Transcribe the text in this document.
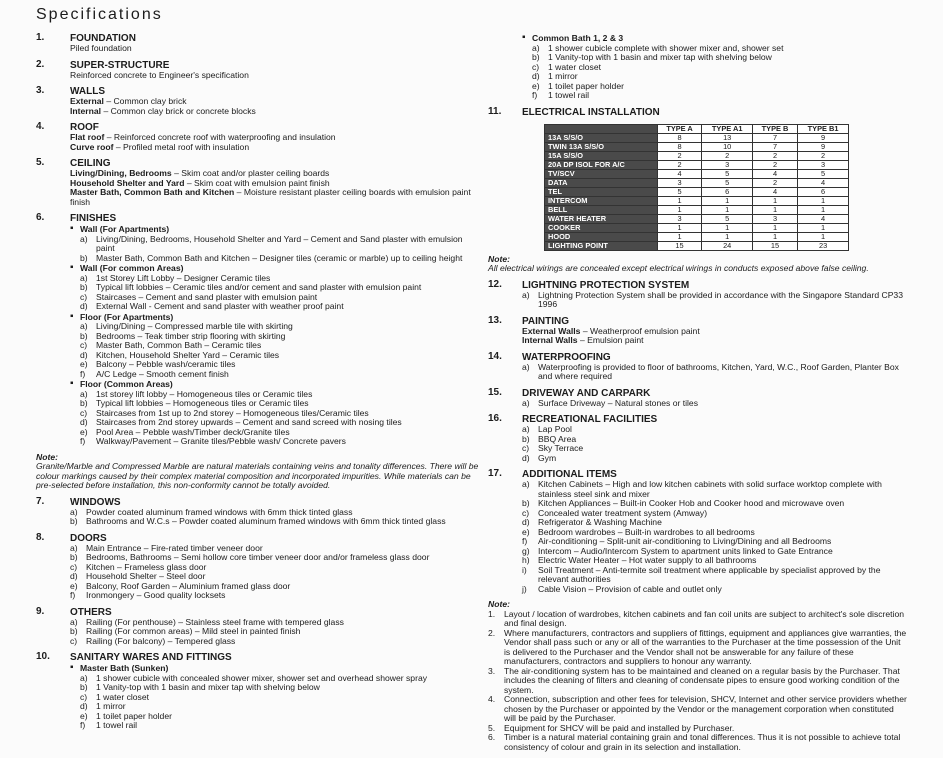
Specifications
1.	FOUNDATION
Piled foundation
2.	SUPER-STRUCTURE
Reinforced concrete to Engineer's specification
3.	WALLS
External – Common clay brick
Internal – Common clay brick or concrete blocks
4.	ROOF
Flat roof – Reinforced concrete roof with waterproofing and insulation
Curve roof – Profiled metal roof with insulation
5.	CEILING
Living/Dining, Bedrooms – Skim coat and/or plaster ceiling boards
Household Shelter and Yard – Skim coat with emulsion paint finish
Master Bath, Common Bath and Kitchen – Moisture resistant plaster ceiling boards with emulsion paint finish
6.	FINISHES
▪ Wall (For Apartments)
a) Living/Dining, Bedrooms, Household Shelter and Yard – Cement and Sand plaster with emulsion paint
b) Master Bath, Common Bath and Kitchen – Designer tiles (ceramic or marble) up to ceiling height
▪ Wall (For common Areas)
a) 1st Storey Lift Lobby – Designer Ceramic tiles
b) Typical lift lobbies – Ceramic tiles and/or cement and sand plaster with emulsion paint
c) Staircases – Cement and sand plaster with emulsion paint
d) External Wall - Cement and sand plaster with weather proof paint
▪ Floor (For Apartments)
a) Living/Dining – Compressed marble tile with skirting
b) Bedrooms – Teak timber strip flooring with skirting
c) Master Bath, Common Bath – Ceramic tiles
d) Kitchen, Household Shelter Yard – Ceramic tiles
e) Balcony – Pebble wash/ceramic tiles
f) A/C Ledge – Smooth cement finish
▪ Floor (Common Areas)
a) 1st storey lift lobby – Homogeneous tiles or Ceramic tiles
b) Typical lift lobbies – Homogeneous tiles or Ceramic tiles
c) Staircases from 1st up to 2nd storey – Homogeneous tiles/Ceramic tiles
d) Staircases from 2nd storey upwards – Cement and sand screed with nosing tiles
e) Pool Area – Pebble wash/Timber deck/Granite tiles
f) Walkway/Pavement – Granite tiles/Pebble wash/ Concrete pavers
Note:
Granite/Marble and Compressed Marble are natural materials containing veins and tonality differences. There will be colour markings caused by their complex material composition and incorporated impurities. While materials can be pre-selected before installation, this non-conformity cannot be totally avoided.
7.	WINDOWS
a) Powder coated aluminum framed windows with 6mm thick tinted glass
b) Bathrooms and W.C.s – Powder coated aluminum framed windows with 6mm thick tinted glass
8.	DOORS
a) Main Entrance – Fire-rated timber veneer door
b) Bedrooms, Bathrooms – Semi hollow core timber veneer door and/or frameless glass door
c) Kitchen – Frameless glass door
d) Household Shelter – Steel door
e) Balcony, Roof Garden – Aluminium framed glass door
f) Ironmongery – Good quality locksets
9.	OTHERS
a) Railing (For penthouse) – Stainless steel frame with tempered glass
b) Railing (For common areas) – Mild steel in painted finish
c) Railing (For balcony) – Tempered glass
10. SANITARY WARES AND FITTINGS
▪ Master Bath (Sunken)
a) 1 shower cubicle with concealed shower mixer, shower set and overhead shower spray
b) 1 Vanity-top with 1 basin and mixer tap with shelving below
c) 1 water closet
d) 1 mirror
e) 1 toilet paper holder
f) 1 towel rail
▪ Common Bath 1, 2 & 3
a) 1 shower cubicle complete with shower mixer and, shower set
b) 1 Vanity-top with 1 basin and mixer tap with shelving below
c) 1 water closet
d) 1 mirror
e) 1 toilet paper holder
f) 1 towel rail
11. ELECTRICAL INSTALLATION
	TYPE A	TYPE A1	TYPE B	TYPE B1
13A S/S/O	8	13	7	9
TWIN 13A S/S/O	8	10	7	9
15A S/S/O	2	2	2	2
20A DP ISOL FOR A/C	2	3	2	3
TV/SCV	4	5	4	5
DATA	3	5	2	4
TEL	5	6	4	6
INTERCOM	1	1	1	1
BELL	1	1	1	1
WATER HEATER	3	5	3	4
COOKER	1	1	1	1
HOOD	1	1	1	1
LIGHTING POINT	15	24	15	23
Note:
All electrical wirings are concealed except electrical wirings in conducts exposed above false ceiling.
12. LIGHTNING PROTECTION SYSTEM
a) Lightning Protection System shall be provided in accordance with the Singapore Standard CP33 1996
13. PAINTING
External Walls – Weatherproof emulsion paint
Internal Walls – Emulsion paint
14. WATERPROOFING
a) Waterproofing is provided to floor of bathrooms, Kitchen, Yard, W.C., Roof Garden, Planter Box and where required
15. DRIVEWAY AND CARPARK
a) Surface Driveway – Natural stones or tiles
16. RECREATIONAL FACILITIES
a) Lap Pool
b) BBQ Area
c) Sky Terrace
d) Gym
17. ADDITIONAL ITEMS
a) Kitchen Cabinets – High and low kitchen cabinets with solid surface worktop complete with stainless steel sink and mixer
b) Kitchen Appliances – Built-in Cooker Hob and Cooker hood and microwave oven
c) Concealed water treatment system (Amway)
d) Refrigerator & Washing Machine
e) Bedroom wardrobes – Built-in wardrobes to all bedrooms
f) Air-conditioning – Split-unit air-conditioning to Living/Dining and all Bedrooms
g) Intercom – Audio/Intercom System to apartment units linked to Gate Entrance
h) Electric Water Heater – Hot water supply to all bathrooms
i) Soil Treatment – Anti-termite soil treatment where applicable by specialist approved by the relevant authorities
j) Cable Vision – Provision of cable and outlet only
Note:
1. Layout / location of wardrobes, kitchen cabinets and fan coil units are subject to architect's sole discretion and final design.
2. Where manufacturers, contractors and suppliers of fittings, equipment and appliances give warranties, the Vendor shall pass such or any or all of the warranties to the Purchaser at the time possession of the Unit is delivered to the Purchaser and the Vendor shall not be answerable for any failure of these manufacturers, contractors and suppliers to honour any warranty.
3. The air-conditioning system has to be maintained and cleaned on a regular basis by the Purchaser. That includes the cleaning of filters and cleaning of condensate pipes to ensure good working condition of the system.
4. Connection, subscription and other fees for television, SHCV, Internet and other service providers whether chosen by the Purchaser or appointed by the Vendor or the management corporation when constituted will be paid by the Purchaser.
5. Equipment for SHCV will be paid and installed by Purchaser.
6. Timber is a natural material containing grain and tonal differences. Thus it is not possible to achieve total consistency of colour and grain in its selection and installation.
